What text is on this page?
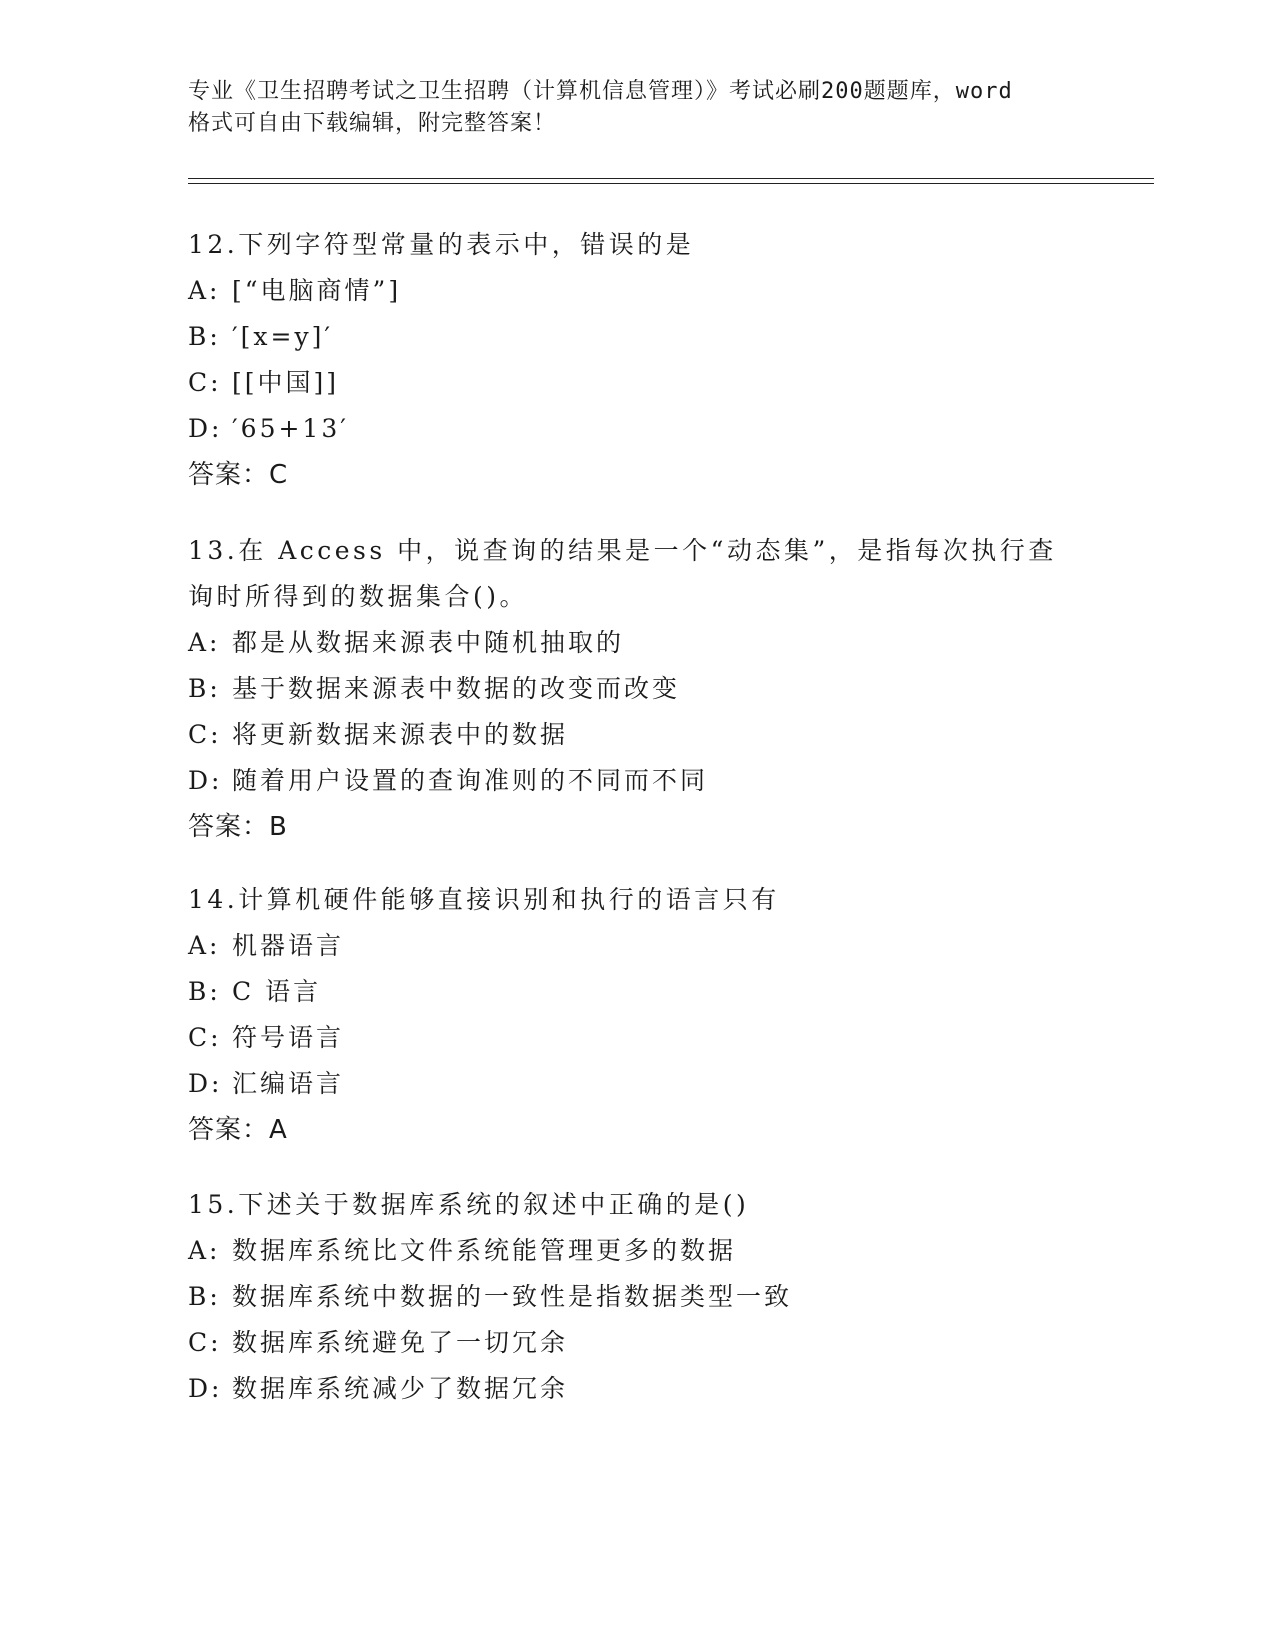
专业《卫生招聘考试之卫生招聘（计算机信息管理）》考试必刷200题题库，word
格式可自由下载编辑，附完整答案！
12.下列字符型常量的表示中，错误的是
A: [“电脑商情”]
B: ′[x=y]′
C: [[中国]]
D: ′65+13′
答案：C
13.在 Access 中，说查询的结果是一个“动态集”，是指每次执行查
询时所得到的数据集合()。
A: 都是从数据来源表中随机抽取的
B: 基于数据来源表中数据的改变而改变
C: 将更新数据来源表中的数据
D: 随着用户设置的查询准则的不同而不同
答案：B
14.计算机硬件能够直接识别和执行的语言只有
A: 机器语言
B: C 语言
C: 符号语言
D: 汇编语言
答案：A
15.下述关于数据库系统的叙述中正确的是()
A: 数据库系统比文件系统能管理更多的数据
B: 数据库系统中数据的一致性是指数据类型一致
C: 数据库系统避免了一切冗余
D: 数据库系统减少了数据冗余
